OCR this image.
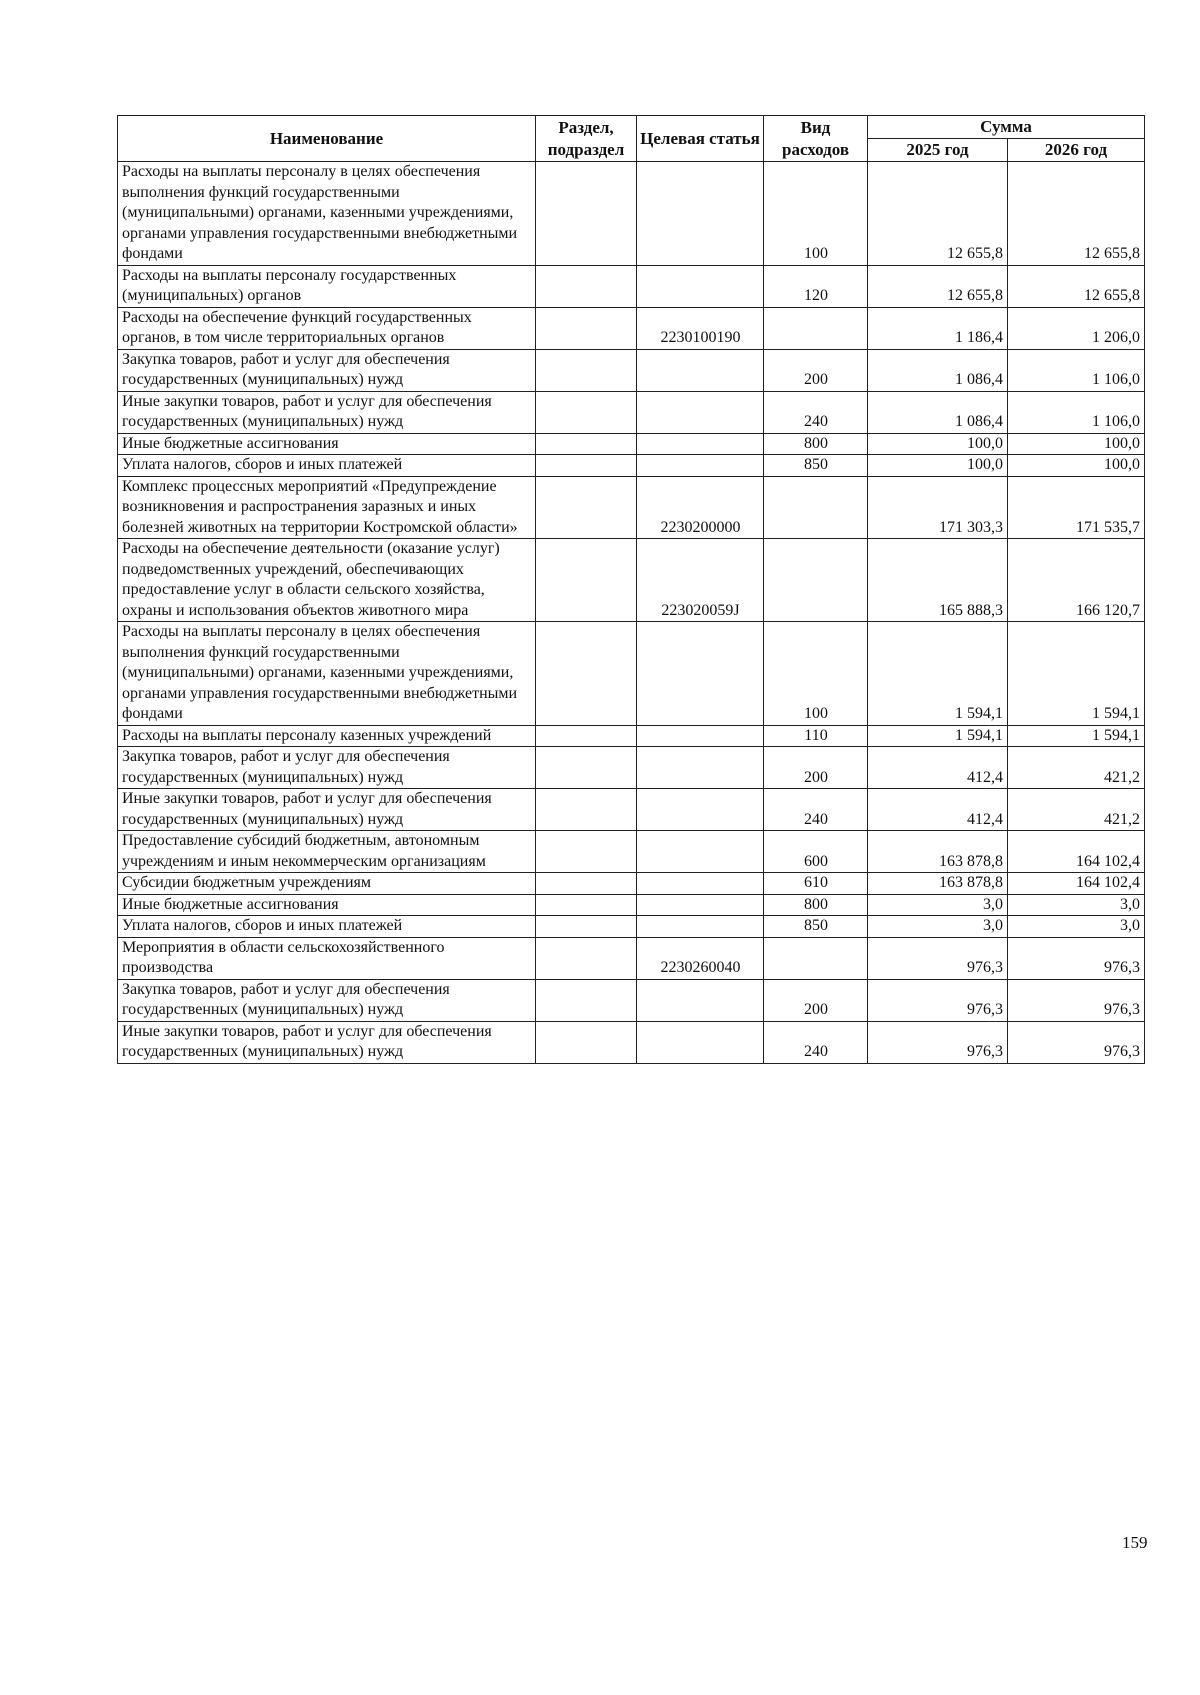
Наименование	Раздел, подраздел	Целевая статья	Вид расходов	Сумма	
				2025 год	2026 год
Расходы на выплаты персоналу в целях обеспечения выполнения функций государственными (муниципальными) органами, казенными учреждениями, органами управления государственными внебюджетными фондами			100	12 655,8	12 655,8
Расходы на выплаты персоналу государственных (муниципальных) органов			120	12 655,8	12 655,8
Расходы на обеспечение функций государственных органов, в том числе территориальных органов		2230100190		1 186,4	1 206,0
Закупка товаров, работ и услуг для обеспечения государственных (муниципальных) нужд			200	1 086,4	1 106,0
Иные закупки товаров, работ и услуг для обеспечения государственных (муниципальных) нужд			240	1 086,4	1 106,0
Иные бюджетные ассигнования			800	100,0	100,0
Уплата налогов, сборов и иных платежей			850	100,0	100,0
Комплекс процессных мероприятий «Предупреждение возникновения и распространения заразных и иных болезней животных на территории Костромской области»		2230200000		171 303,3	171 535,7
Расходы на обеспечение деятельности (оказание услуг) подведомственных учреждений, обеспечивающих предоставление услуг в области сельского хозяйства, охраны и использования объектов животного мира		223020059J		165 888,3	166 120,7
Расходы на выплаты персоналу в целях обеспечения выполнения функций государственными (муниципальными) органами, казенными учреждениями, органами управления государственными внебюджетными фондами			100	1 594,1	1 594,1
Расходы на выплаты персоналу казенных учреждений			110	1 594,1	1 594,1
Закупка товаров, работ и услуг для обеспечения государственных (муниципальных) нужд			200	412,4	421,2
Иные закупки товаров, работ и услуг для обеспечения государственных (муниципальных) нужд			240	412,4	421,2
Предоставление субсидий бюджетным, автономным учреждениям и иным некоммерческим организациям			600	163 878,8	164 102,4
Субсидии бюджетным учреждениям			610	163 878,8	164 102,4
Иные бюджетные ассигнования			800	3,0	3,0
Уплата налогов, сборов и иных платежей			850	3,0	3,0
Мероприятия в области сельскохозяйственного производства		2230260040		976,3	976,3
Закупка товаров, работ и услуг для обеспечения государственных (муниципальных) нужд			200	976,3	976,3
Иные закупки товаров, работ и услуг для обеспечения государственных (муниципальных) нужд			240	976,3	976,3
159
